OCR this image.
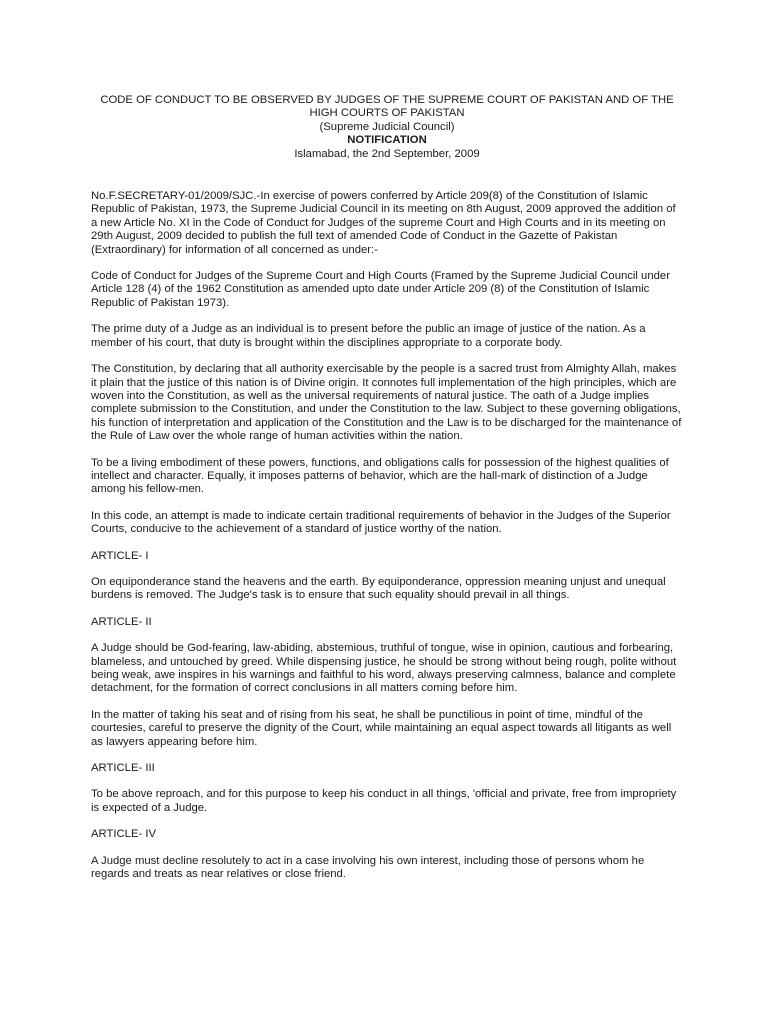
CODE OF CONDUCT TO BE OBSERVED BY JUDGES OF THE SUPREME COURT OF PAKISTAN AND OF THE HIGH COURTS OF PAKISTAN

(Supreme Judicial Council)

NOTIFICATION

Islamabad, the 2nd September, 2009

No.F.SECRETARY-01/2009/SJC.-In exercise of powers conferred by Article 209(8) of the Constitution of Islamic Republic of Pakistan, 1973, the Supreme Judicial Council in its meeting on 8th August, 2009 approved the addition of a new Article No. XI in the Code of Conduct for Judges of the supreme Court and High Courts and in its meeting on 29th August, 2009 decided to publish the full text of amended Code of Conduct in the Gazette of Pakistan (Extraordinary) for information of all concerned as under:-

Code of Conduct for Judges of the Supreme Court and High Courts (Framed by the Supreme Judicial Council under Article 128 (4) of the 1962 Constitution as amended upto date under Article 209 (8) of the Constitution of Islamic Republic of Pakistan 1973).

The prime duty of a Judge as an individual is to present before the public an image of justice of the nation. As a member of his court, that duty is brought within the disciplines appropriate to a corporate body.

The Constitution, by declaring that all authority exercisable by the people is a sacred trust from Almighty Allah, makes it plain that the justice of this nation is of Divine origin. It connotes full implementation of the high principles, which are woven into the Constitution, as well as the universal requirements of natural justice. The oath of a Judge implies complete submission to the Constitution, and under the Constitution to the law. Subject to these governing obligations, his function of interpretation and application of the Constitution and the Law is to be discharged for the maintenance of the Rule of Law over the whole range of human activities within the nation.

To be a living embodiment of these powers, functions, and obligations calls for possession of the highest qualities of intellect and character. Equally, it imposes patterns of behavior, which are the hall-mark of distinction of a Judge among his fellow-men.

In this code, an attempt is made to indicate certain traditional requirements of behavior in the Judges of the Superior Courts, conducive to the achievement of a standard of justice worthy of the nation.

ARTICLE- I

On equiponderance stand the heavens and the earth. By equiponderance, oppression meaning unjust and unequal burdens is removed. The Judge's task is to ensure that such equality should prevail in all things.

ARTICLE- II

A Judge should be God-fearing, law-abiding, abstemious, truthful of tongue, wise in opinion, cautious and forbearing, blameless, and untouched by greed. While dispensing justice, he should be strong without being rough, polite without being weak, awe inspires in his warnings and faithful to his word, always preserving calmness, balance and complete detachment, for the formation of correct conclusions in all matters coming before him.

In the matter of taking his seat and of rising from his seat, he shall be punctilious in point of time, mindful of the courtesies, careful to preserve the dignity of the Court, while maintaining an equal aspect towards all litigants as well as lawyers appearing before him.

ARTICLE- III

To be above reproach, and for this purpose to keep his conduct in all things, 'official and private, free from impropriety is expected of a Judge.

ARTICLE- IV

A Judge must decline resolutely to act in a case involving his own interest, including those of persons whom he regards and treats as near relatives or close friend.
